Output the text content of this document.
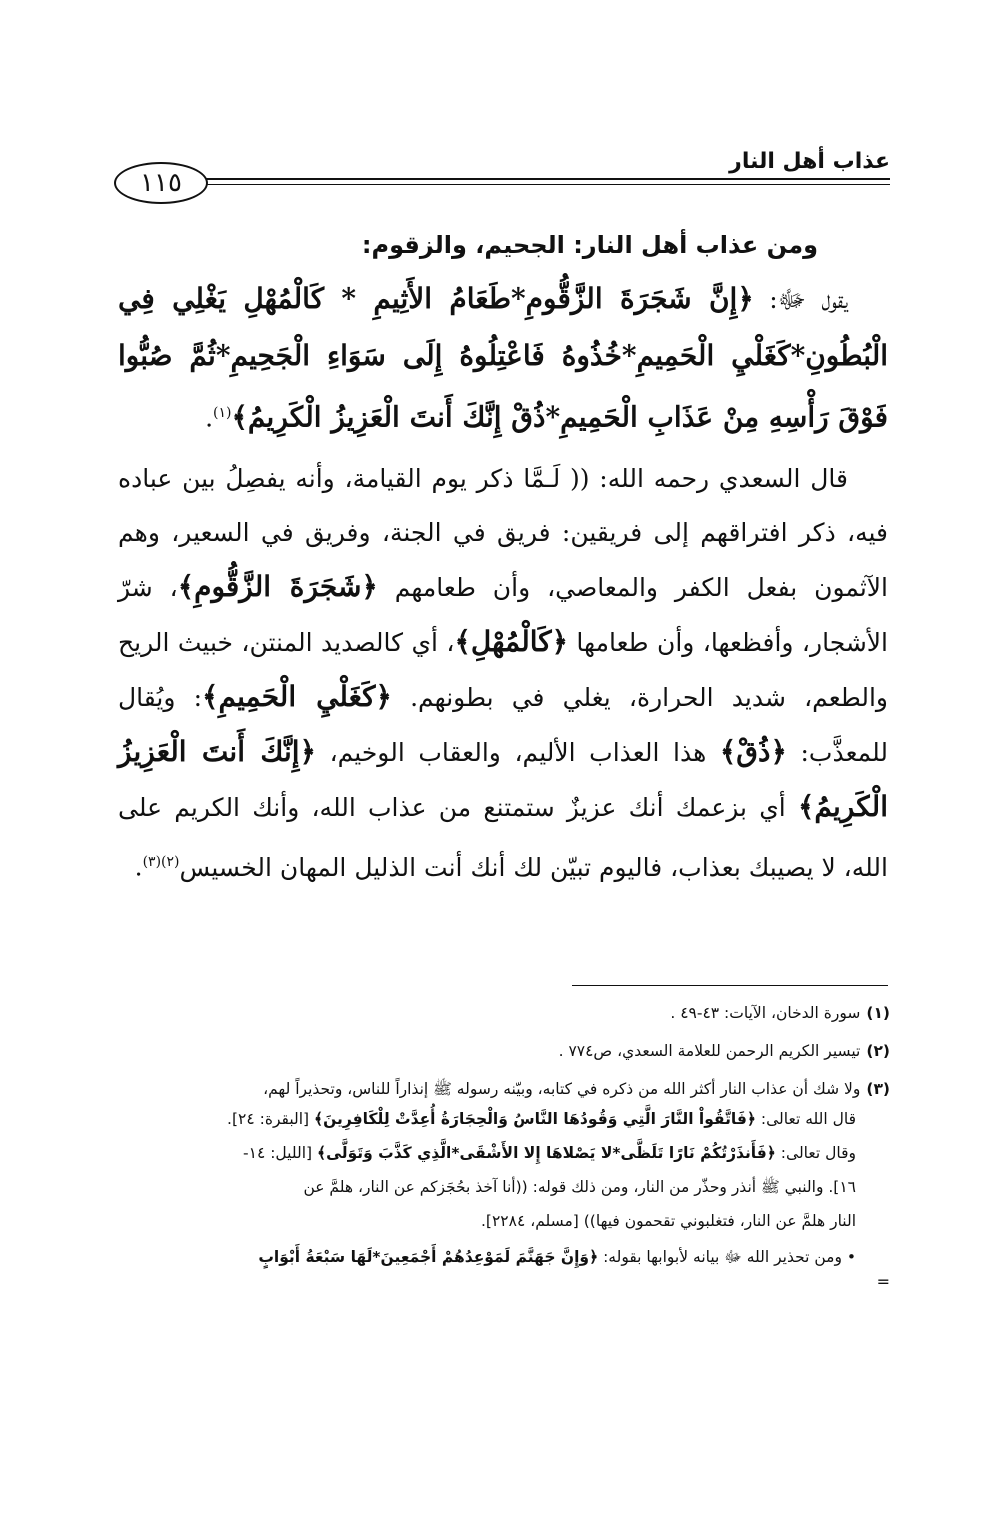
عذاب أهل النار
١١٥
ومن عذاب أهل النار: الجحيم، والزقوم:

يقول ﷻ: ﴿إِنَّ شَجَرَةَ الزَّقُّومِ*طَعَامُ الأَثِيمِ * كَالْمُهْلِ يَغْلِي فِي الْبُطُونِ*كَغَلْيِ الْحَمِيمِ*خُذُوهُ فَاعْتِلُوهُ إِلَى سَوَاءِ الْجَحِيمِ*ثُمَّ صُبُّوا فَوْقَ رَأْسِهِ مِنْ عَذَابِ الْحَمِيمِ*ذُقْ إِنَّكَ أَنتَ الْعَزِيزُ الْكَرِيمُ﴾$^{(١)}$.

قال السعدي رحمه الله: (( لَـمَّا ذكر يوم القيامة، وأنه يفصِلُ بين عباده فيه، ذكر افتراقهم إلى فريقين: فريق في الجنة، وفريق في السعير، وهم الآثمون بفعل الكفر والمعاصي، وأن طعامهم ﴿شَجَرَةَ الزَّقُّومِ﴾، شرّ الأشجار، وأفظعها، وأن طعامها ﴿كَالْمُهْلِ﴾، أي كالصديد المنتن، خبيث الريح والطعم، شديد الحرارة، يغلي في بطونهم. ﴿كَغَلْيِ الْحَمِيمِ﴾: ويُقال للمعذَّب: ﴿ذُقْ﴾ هذا العذاب الأليم، والعقاب الوخيم، ﴿إِنَّكَ أَنتَ الْعَزِيزُ الْكَرِيمُ﴾ أي بزعمك أنك عزيزٌ ستمتنع من عذاب الله، وأنك الكريم على الله، لا يصيبك بعذاب، فاليوم تبيّن لك أنك أنت الذليل المهان الخسيس$^{(٢)(٣)}$.

(١)سورة الدخان، الآيات: ٤٣-٤٩ .
(٢)تيسير الكريم الرحمن للعلامة السعدي، ص٧٧٤ .
(٣)ولا شك أن عذاب النار أكثر الله من ذكره في كتابه، وبيّنه رسوله ﷺ إنذاراً للناس، وتحذيراً لهم،
قال الله تعالى: ﴿فَاتَّقُواْ النَّارَ الَّتِي وَقُودُهَا النَّاسُ وَالْحِجَارَةُ أُعِدَّتْ لِلْكَافِرِينَ﴾ [البقرة: ٢٤].
وقال تعالى: ﴿فَأَنذَرْتُكُمْ نَارًا تَلَظَّى*لا يَصْلاهَا إِلا الأَشْقَى*الَّذِي كَذَّبَ وَتَوَلَّى﴾ [الليل: ١٤-
١٦]. والنبي ﷺ أنذر وحذّر من النار، ومن ذلك قوله: ((أنا آخذ بحُجَزكم عن النار، هلمَّ عن
النار هلمَّ عن النار، فتغلبوني تقحمون فيها)) [مسلم، ٢٢٨٤].
• ومن تحذير الله ﷻ بيانه لأبوابها بقوله: ﴿وَإِنَّ جَهَنَّمَ لَمَوْعِدُهُمْ أَجْمَعِينَ*لَهَا سَبْعَةُ أَبْوَابٍ
=
